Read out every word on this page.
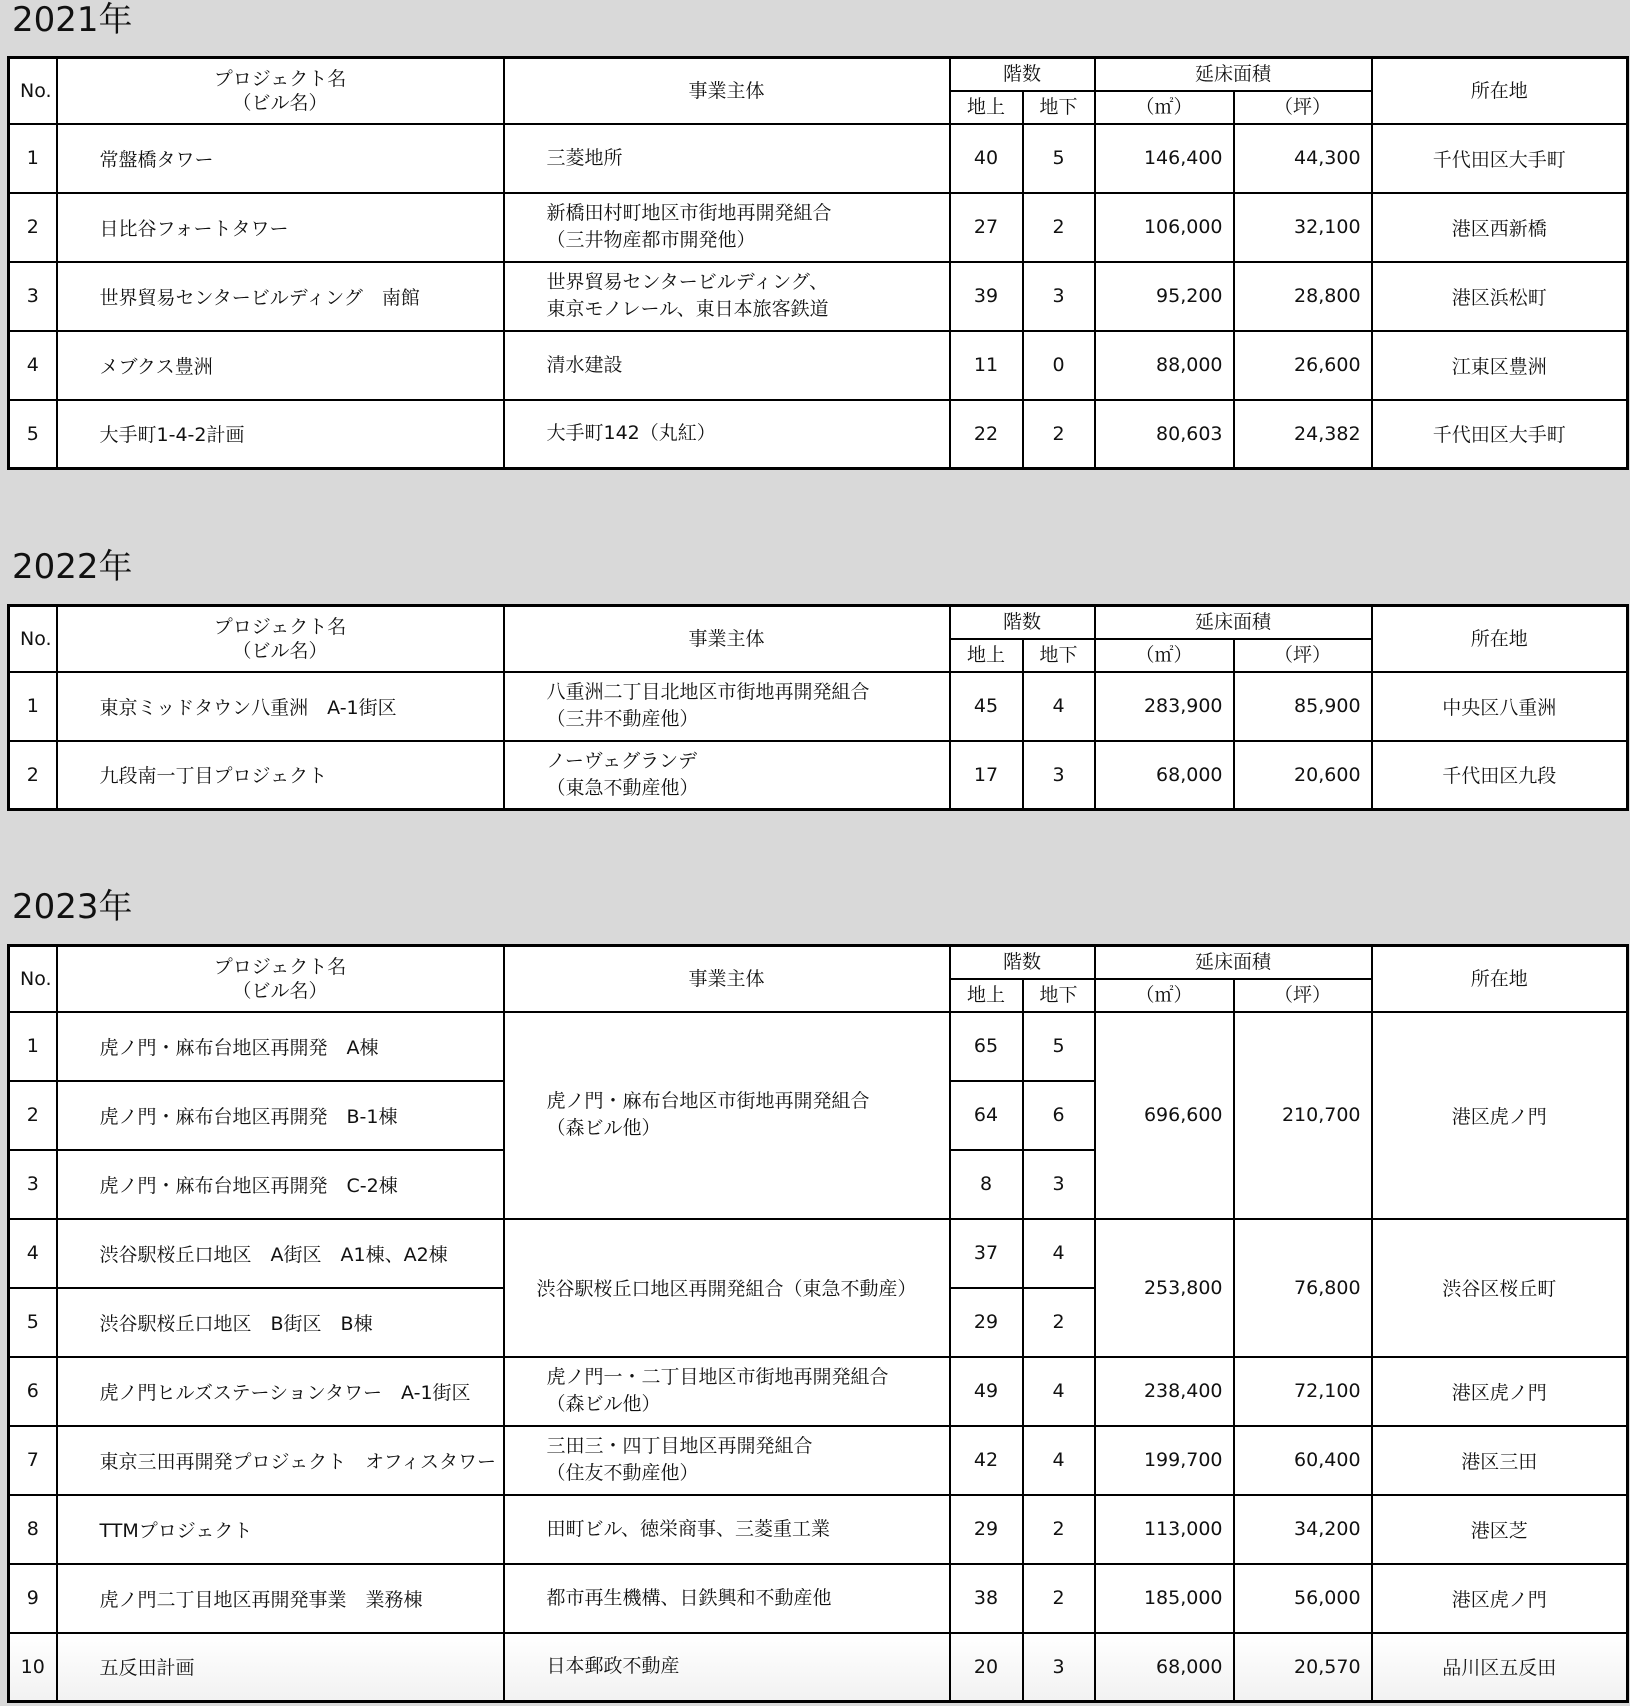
2021年
No.	プロジェクト名
（ビル名）	事業主体	階数		延床面積		所在地
			地上	地下	（㎡）	（坪）	
1	常盤橋タワー	三菱地所	40	5	146,400	44,300	千代田区大手町
2	日比谷フォートタワー	新橋田村町地区市街地再開発組合
（三井物産都市開発他）	27	2	106,000	32,100	港区西新橋
3	世界貿易センタービルディング　南館	世界貿易センタービルディング、
東京モノレール、東日本旅客鉄道	39	3	95,200	28,800	港区浜松町
4	メブクス豊洲	清水建設	11	0	88,000	26,600	江東区豊洲
5	大手町1-4-2計画	大手町142（丸紅）	22	2	80,603	24,382	千代田区大手町
2022年
No.	プロジェクト名
（ビル名）	事業主体	階数		延床面積		所在地
			地上	地下	（㎡）	（坪）	
1	東京ミッドタウン八重洲　A-1街区	八重洲二丁目北地区市街地再開発組合
（三井不動産他）	45	4	283,900	85,900	中央区八重洲
2	九段南一丁目プロジェクト	ノーヴェグランデ
（東急不動産他）	17	3	68,000	20,600	千代田区九段
2023年
No.	プロジェクト名
（ビル名）	事業主体	階数		延床面積		所在地
			地上	地下	（㎡）	（坪）	
1	虎ノ門・麻布台地区再開発　A棟	虎ノ門・麻布台地区市街地再開発組合
（森ビル他）	65	5	696,600	210,700	港区虎ノ門
2	虎ノ門・麻布台地区再開発　B-1棟		64	6			
3	虎ノ門・麻布台地区再開発　C-2棟		8	3			
4	渋谷駅桜丘口地区　A街区　A1棟、A2棟	渋谷駅桜丘口地区再開発組合（東急不動産）	37	4	253,800	76,800	渋谷区桜丘町
5	渋谷駅桜丘口地区　B街区　B棟		29	2			
6	虎ノ門ヒルズステーションタワー　A-1街区	虎ノ門一・二丁目地区市街地再開発組合
（森ビル他）	49	4	238,400	72,100	港区虎ノ門
7	東京三田再開発プロジェクト　オフィスタワー	三田三・四丁目地区再開発組合
（住友不動産他）	42	4	199,700	60,400	港区三田
8	TTMプロジェクト	田町ビル、徳栄商事、三菱重工業	29	2	113,000	34,200	港区芝
9	虎ノ門二丁目地区再開発事業　業務棟	都市再生機構、日鉄興和不動産他	38	2	185,000	56,000	港区虎ノ門
10	五反田計画	日本郵政不動産	20	3	68,000	20,570	品川区五反田
